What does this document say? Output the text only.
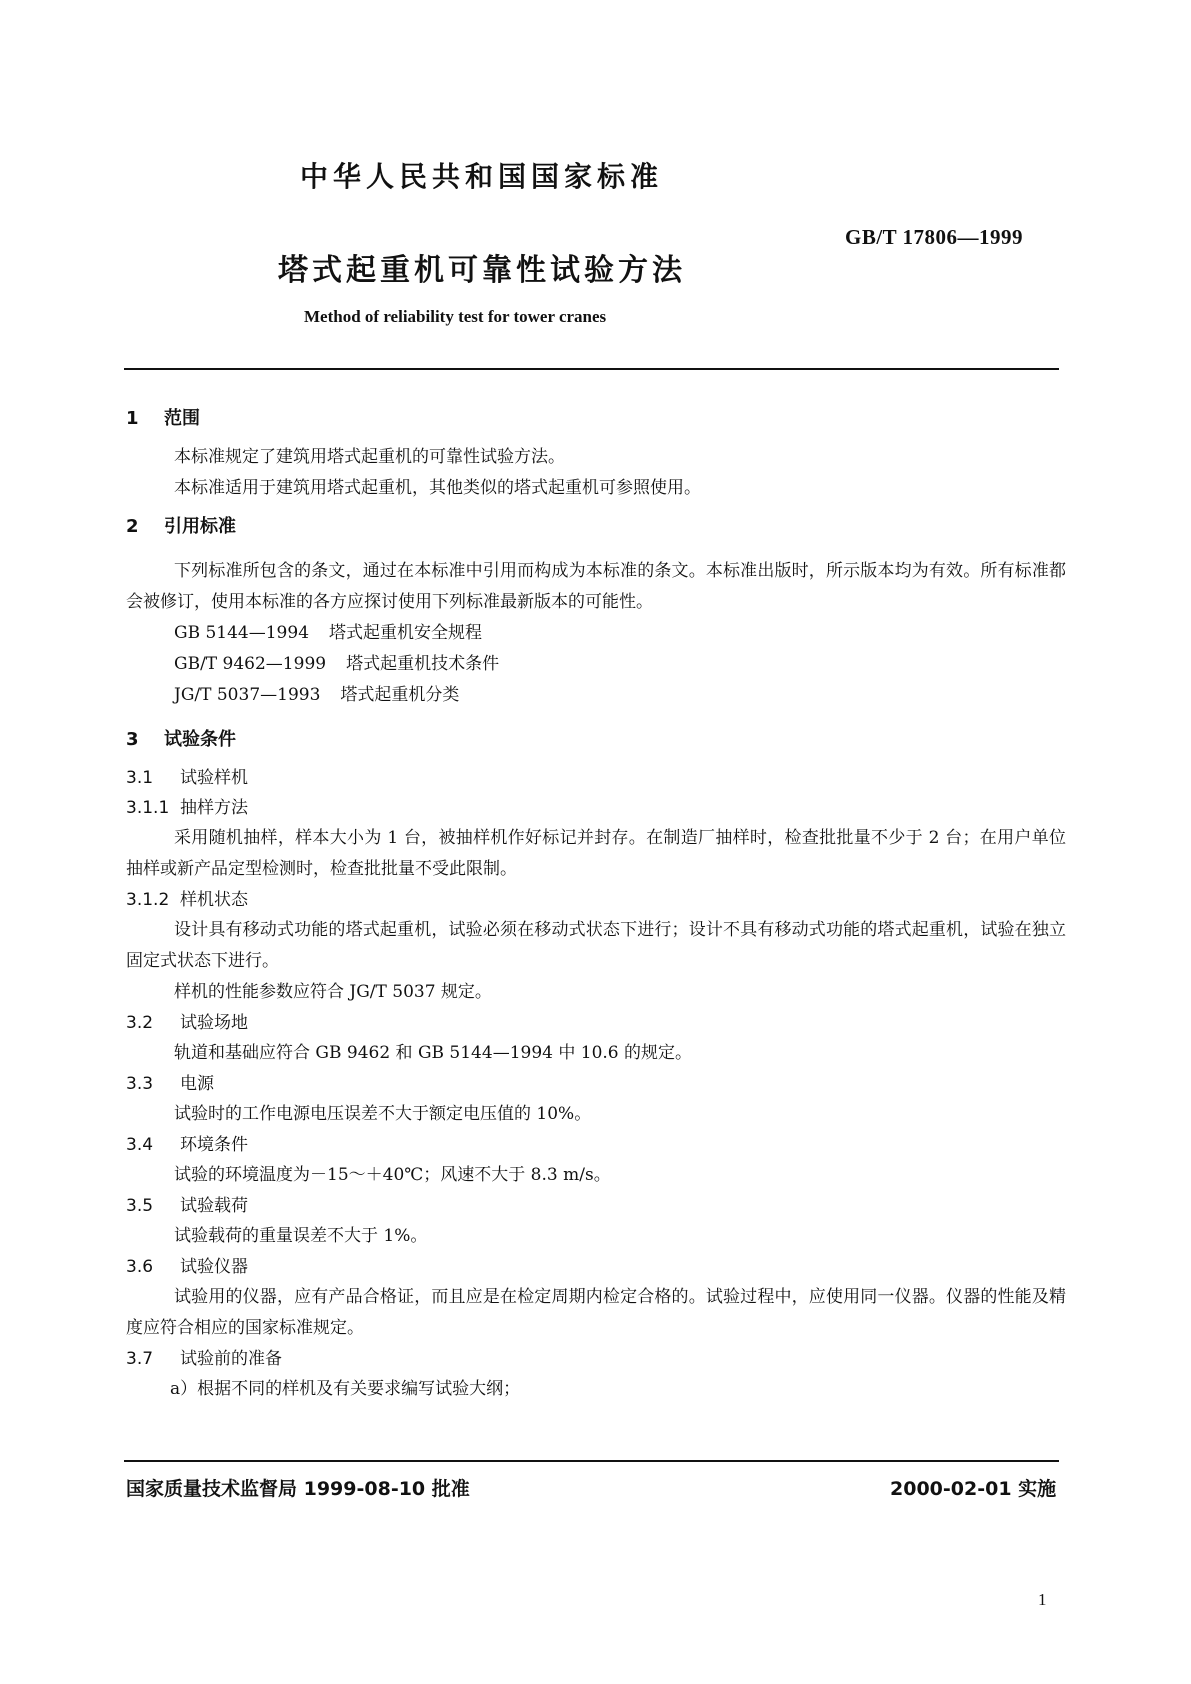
中华人民共和国国家标准
GB/T 17806—1999
塔式起重机可靠性试验方法
Method of reliability test for tower cranes
1 范围

本标准规定了建筑用塔式起重机的可靠性试验方法。

本标准适用于建筑用塔式起重机，其他类似的塔式起重机可参照使用。

2 引用标准

下列标准所包含的条文，通过在本标准中引用而构成为本标准的条文。本标准出版时，所示版本均为有效。所有标准都会被修订，使用本标准的各方应探讨使用下列标准最新版本的可能性。

GB 5144—1994 塔式起重机安全规程
GB/T 9462—1999 塔式起重机技术条件
JG/T 5037—1993 塔式起重机分类
3 试验条件
3.1 试验样机
3.1.1 抽样方法

采用随机抽样，样本大小为 1 台，被抽样机作好标记并封存。在制造厂抽样时，检查批批量不少于 2 台；在用户单位抽样或新产品定型检测时，检查批批量不受此限制。

3.1.2 样机状态

设计具有移动式功能的塔式起重机，试验必须在移动式状态下进行；设计不具有移动式功能的塔式起重机，试验在独立固定式状态下进行。

样机的性能参数应符合 JG/T 5037 规定。

3.2 试验场地

轨道和基础应符合 GB 9462 和 GB 5144—1994 中 10.6 的规定。

3.3 电源

试验时的工作电源电压误差不大于额定电压值的 10%。

3.4 环境条件

试验的环境温度为－15～＋40℃；风速不大于 8.3 m/s。

3.5 试验载荷

试验载荷的重量误差不大于 1%。

3.6 试验仪器

试验用的仪器，应有产品合格证，而且应是在检定周期内检定合格的。试验过程中，应使用同一仪器。仪器的性能及精度应符合相应的国家标准规定。

3.7 试验前的准备

a）根据不同的样机及有关要求编写试验大纲；

国家质量技术监督局 1999-08-10 批准	2000-02-01 实施
1
